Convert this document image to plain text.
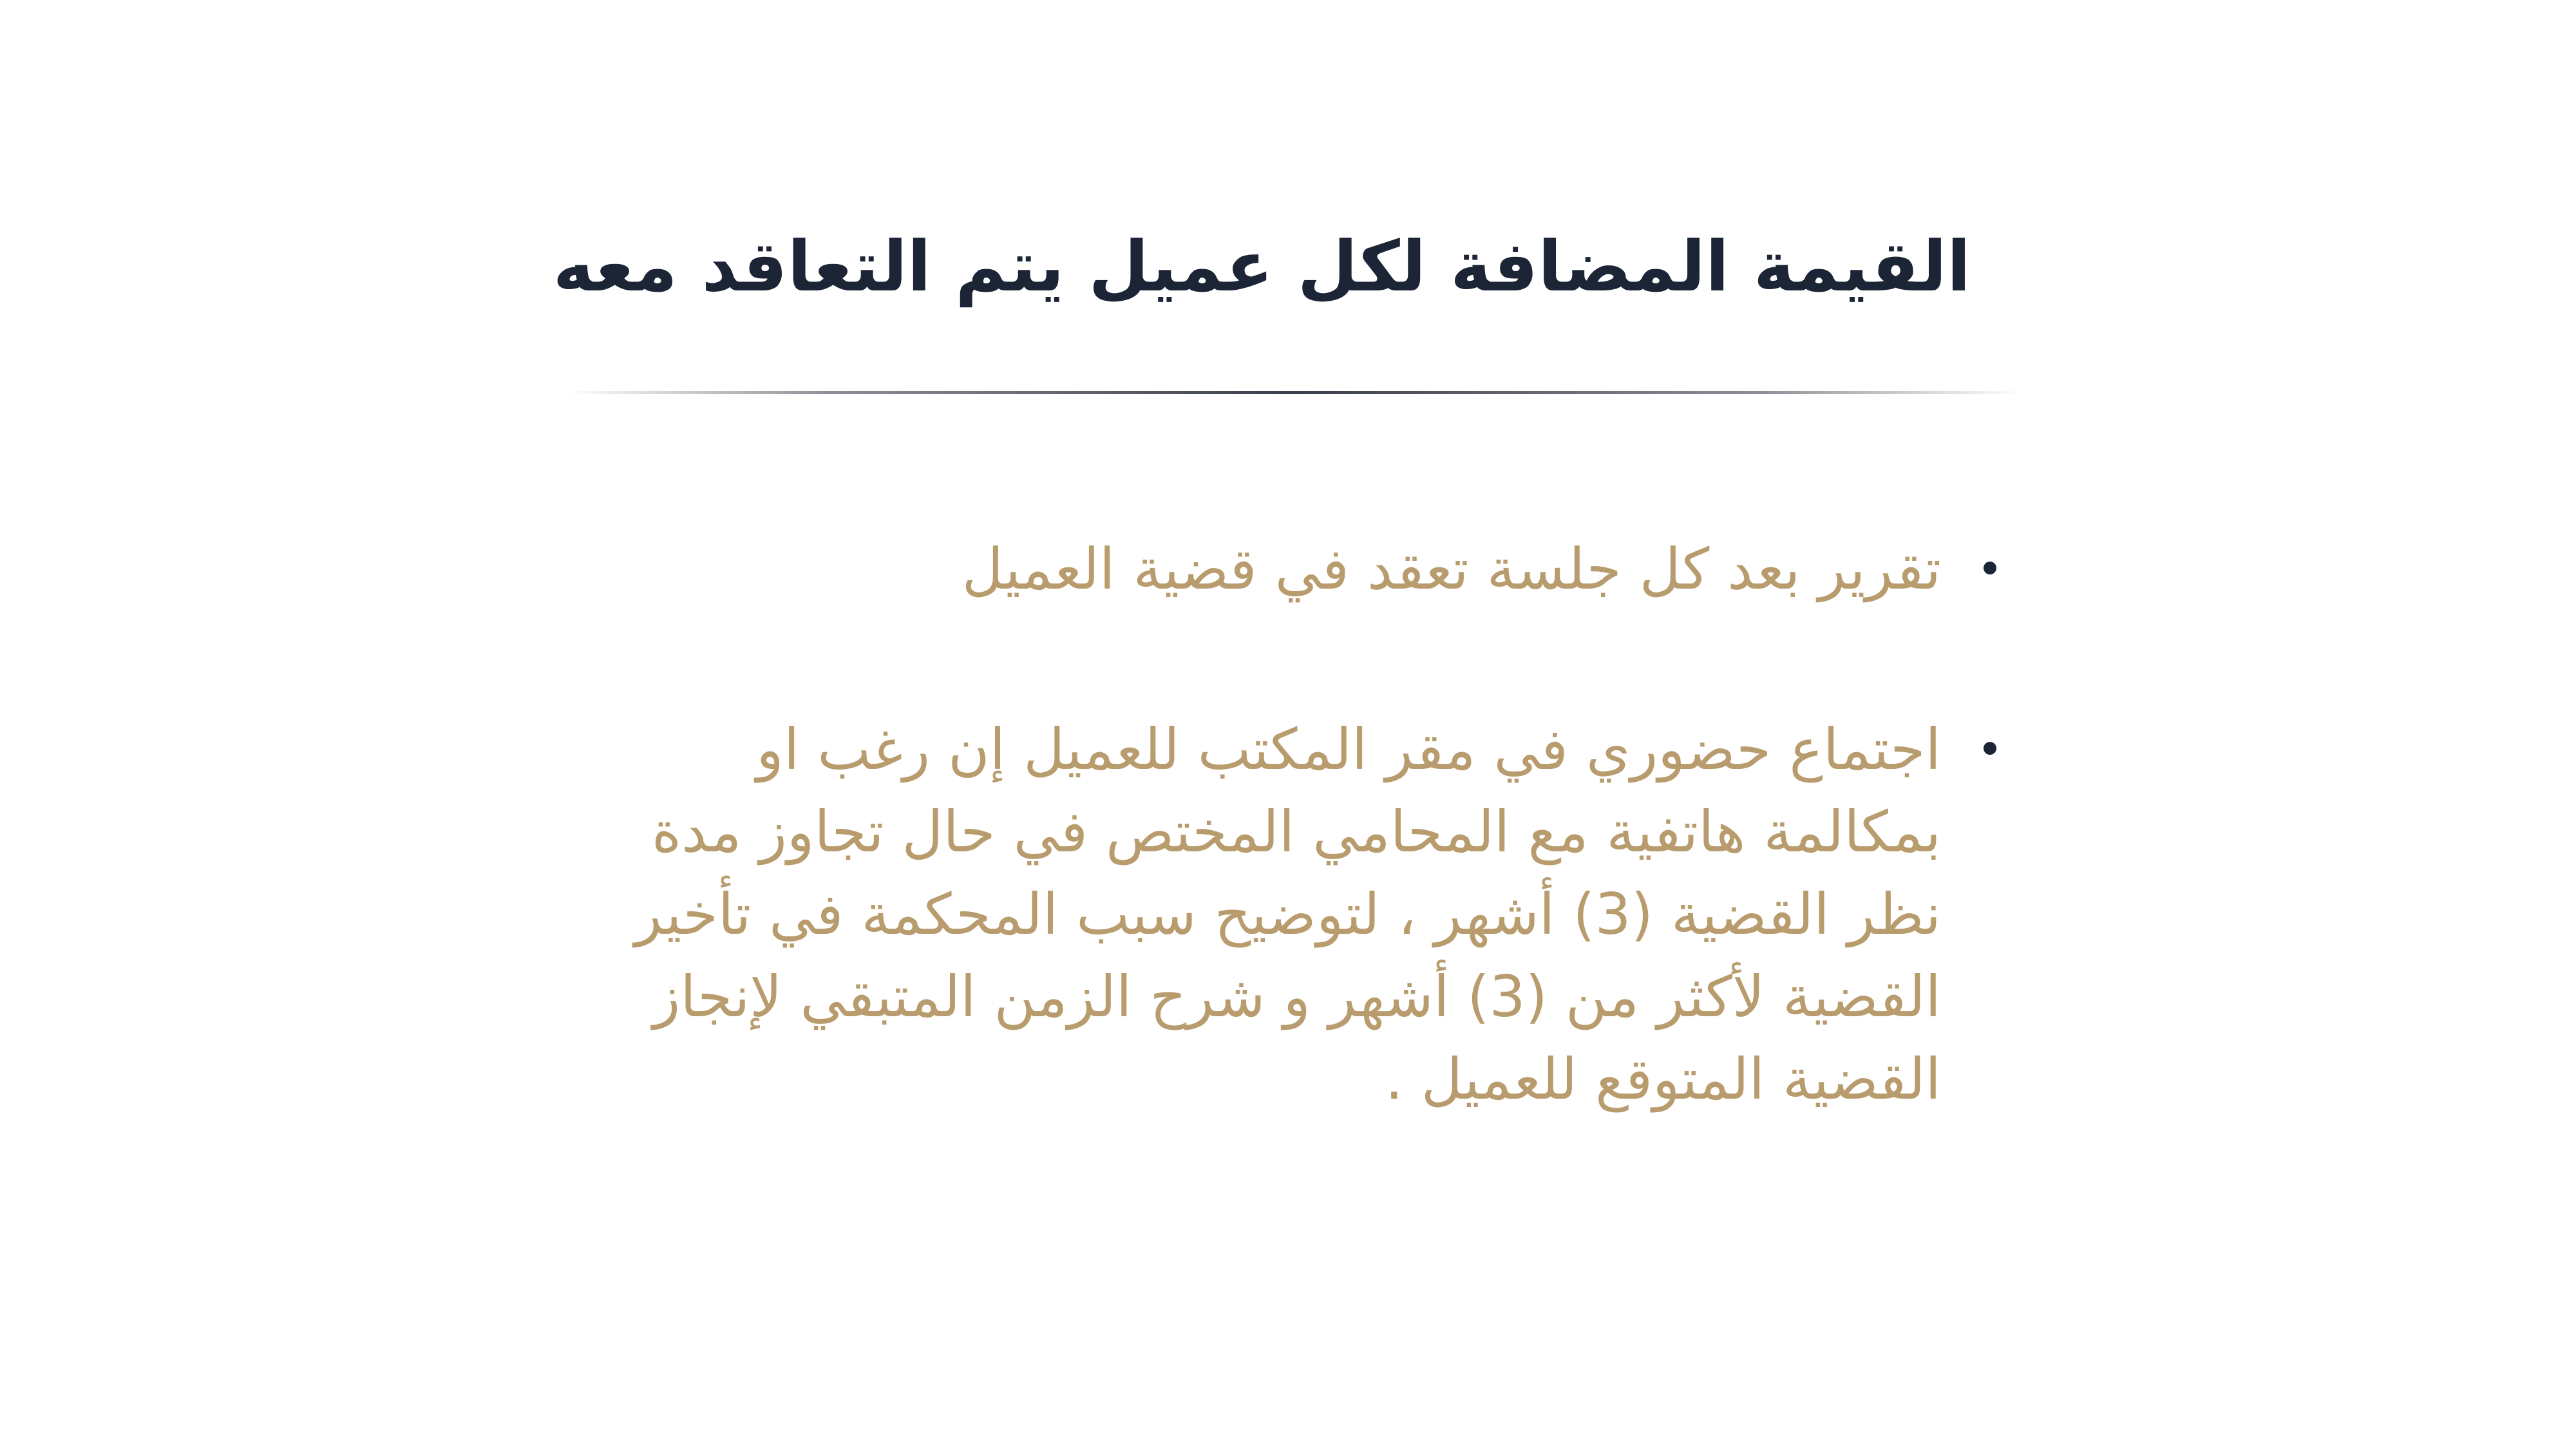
القيمة المضافة لكل عميل يتم التعاقد معه
تقرير بعد كل جلسة تعقد في قضية العميل
اجتماع حضوري في مقر المكتب للعميل إن رغب او بمكالمة هاتفية مع المحامي المختص في حال تجاوز مدة نظر القضية (3) أشهر ، لتوضيح سبب المحكمة في تأخير القضية لأكثر من (3) أشهر و شرح الزمن المتبقي لإنجاز القضية المتوقع للعميل .
